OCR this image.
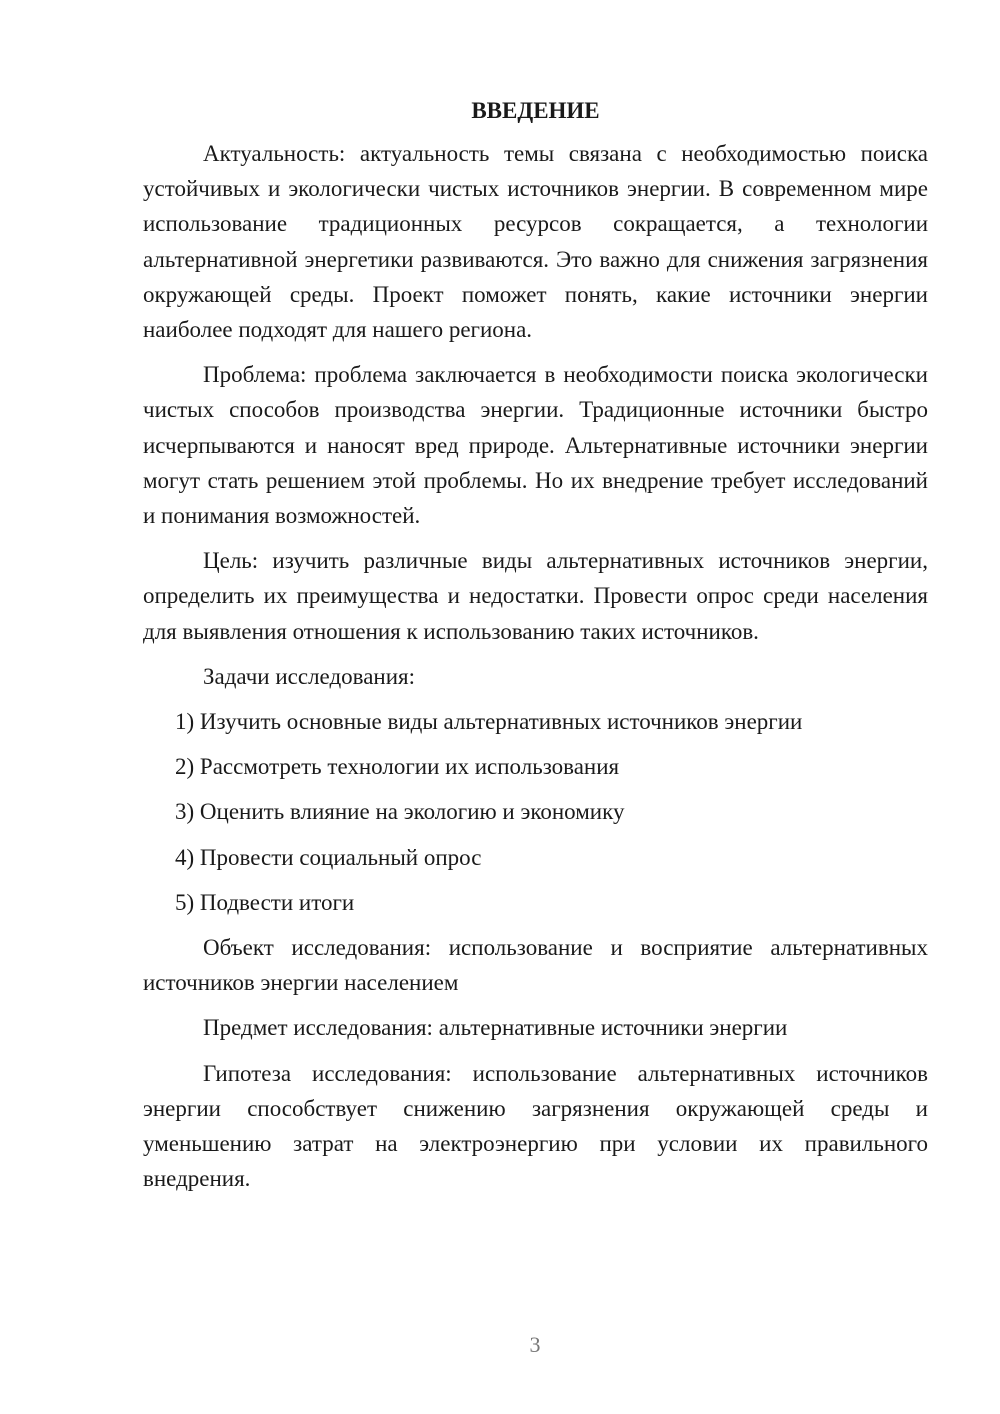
ВВЕДЕНИЕ

Актуальность: актуальность темы связана с необходимостью поиска устойчивых и экологически чистых источников энергии. В современном мире использование традиционных ресурсов сокращается, а технологии альтернативной энергетики развиваются. Это важно для снижения загрязнения окружающей среды. Проект поможет понять, какие источники энергии наиболее подходят для нашего региона.

Проблема: проблема заключается в необходимости поиска экологически чистых способов производства энергии. Традиционные источники быстро исчерпываются и наносят вред природе. Альтернативные источники энергии могут стать решением этой проблемы. Но их внедрение требует исследований и понимания возможностей.

Цель: изучить различные виды альтернативных источников энергии, определить их преимущества и недостатки. Провести опрос среди населения для выявления отношения к использованию таких источников.

Задачи исследования:

1) Изучить основные виды альтернативных источников энергии
2) Рассмотреть технологии их использования
3) Оценить влияние на экологию и экономику
4) Провести социальный опрос
5) Подвести итоги

Объект исследования: использование и восприятие альтернативных источников энергии населением

Предмет исследования: альтернативные источники энергии

Гипотеза исследования: использование альтернативных источников энергии способствует снижению загрязнения окружающей среды и уменьшению затрат на электроэнергию при условии их правильного внедрения.

3
